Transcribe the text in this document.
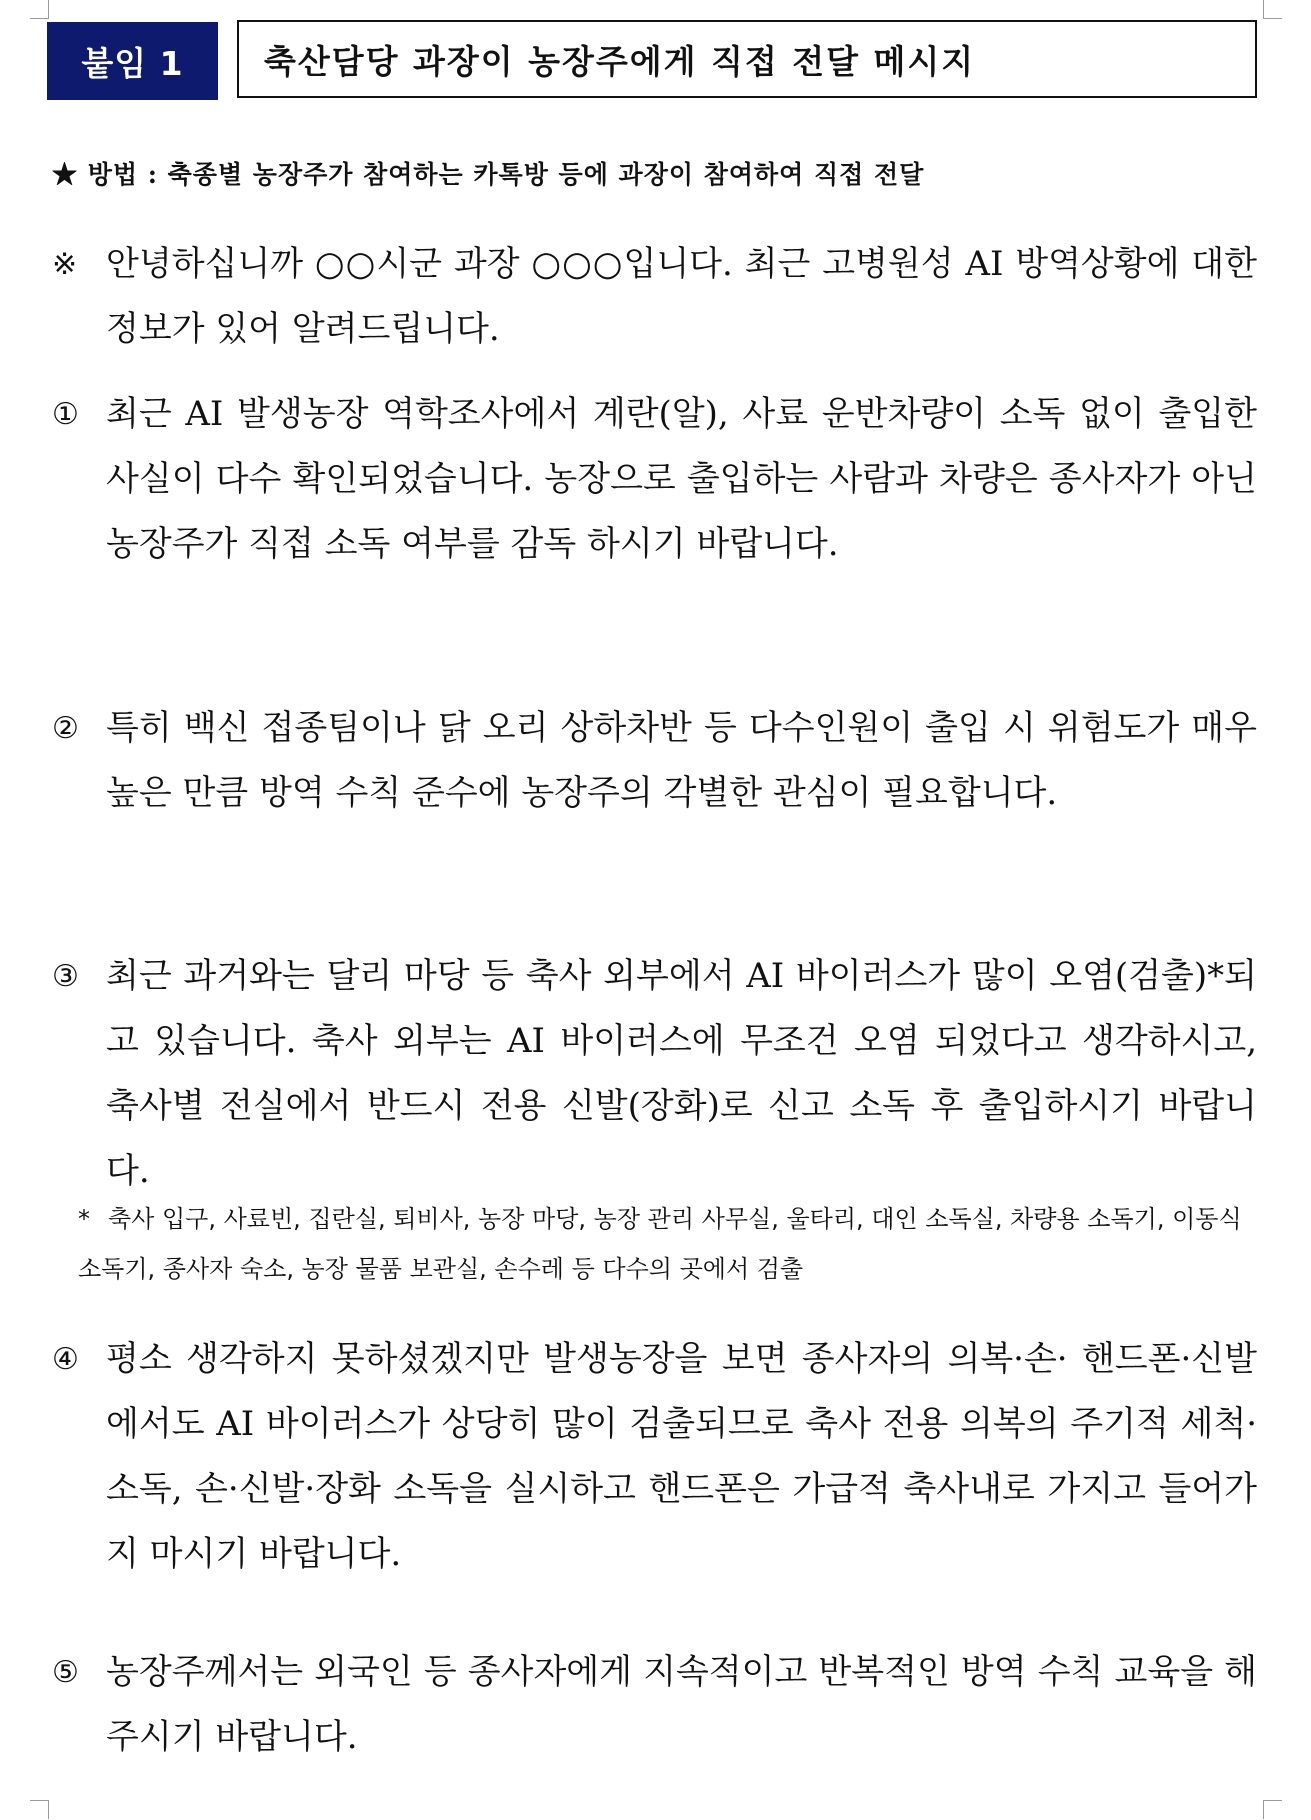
붙임 1	축산담당 과장이 농장주에게 직접 전달 메시지
★ 방법 : 축종별 농장주가 참여하는 카톡방 등에 과장이 참여하여 직접 전달
※ 안녕하십니까 ○○시군 과장 ○○○입니다. 최근 고병원성 AI 방역상황에 대한 정보가 있어 알려드립니다.
① 최근 AI 발생농장 역학조사에서 계란(알), 사료 운반차량이 소독 없이 출입한 사실이 다수 확인되었습니다. 농장으로 출입하는 사람과 차량은 종사자가 아닌 농장주가 직접 소독 여부를 감독 하시기 바랍니다.
② 특히 백신 접종팀이나 닭 오리 상하차반 등 다수인원이 출입 시 위험도가 매우 높은 만큼 방역 수칙 준수에 농장주의 각별한 관심이 필요합니다.
③ 최근 과거와는 달리 마당 등 축사 외부에서 AI 바이러스가 많이 오염(검출)*되고 있습니다. 축사 외부는 AI 바이러스에 무조건 오염 되었다고 생각하시고, 축사별 전실에서 반드시 전용 신발(장화)로 신고 소독 후 출입하시기 바랍니다.
* 축사 입구, 사료빈, 집란실, 퇴비사, 농장 마당, 농장 관리 사무실, 울타리, 대인 소독실, 차량용 소독기, 이동식 소독기, 종사자 숙소, 농장 물품 보관실, 손수레 등 다수의 곳에서 검출
④ 평소 생각하지 못하셨겠지만 발생농장을 보면 종사자의 의복·손· 핸드폰·신발에서도 AI 바이러스가 상당히 많이 검출되므로 축사 전용 의복의 주기적 세척·소독, 손·신발·장화 소독을 실시하고 핸드폰은 가급적 축사내로 가지고 들어가지 마시기 바랍니다.
⑤ 농장주께서는 외국인 등 종사자에게 지속적이고 반복적인 방역 수칙 교육을 해주시기 바랍니다.
